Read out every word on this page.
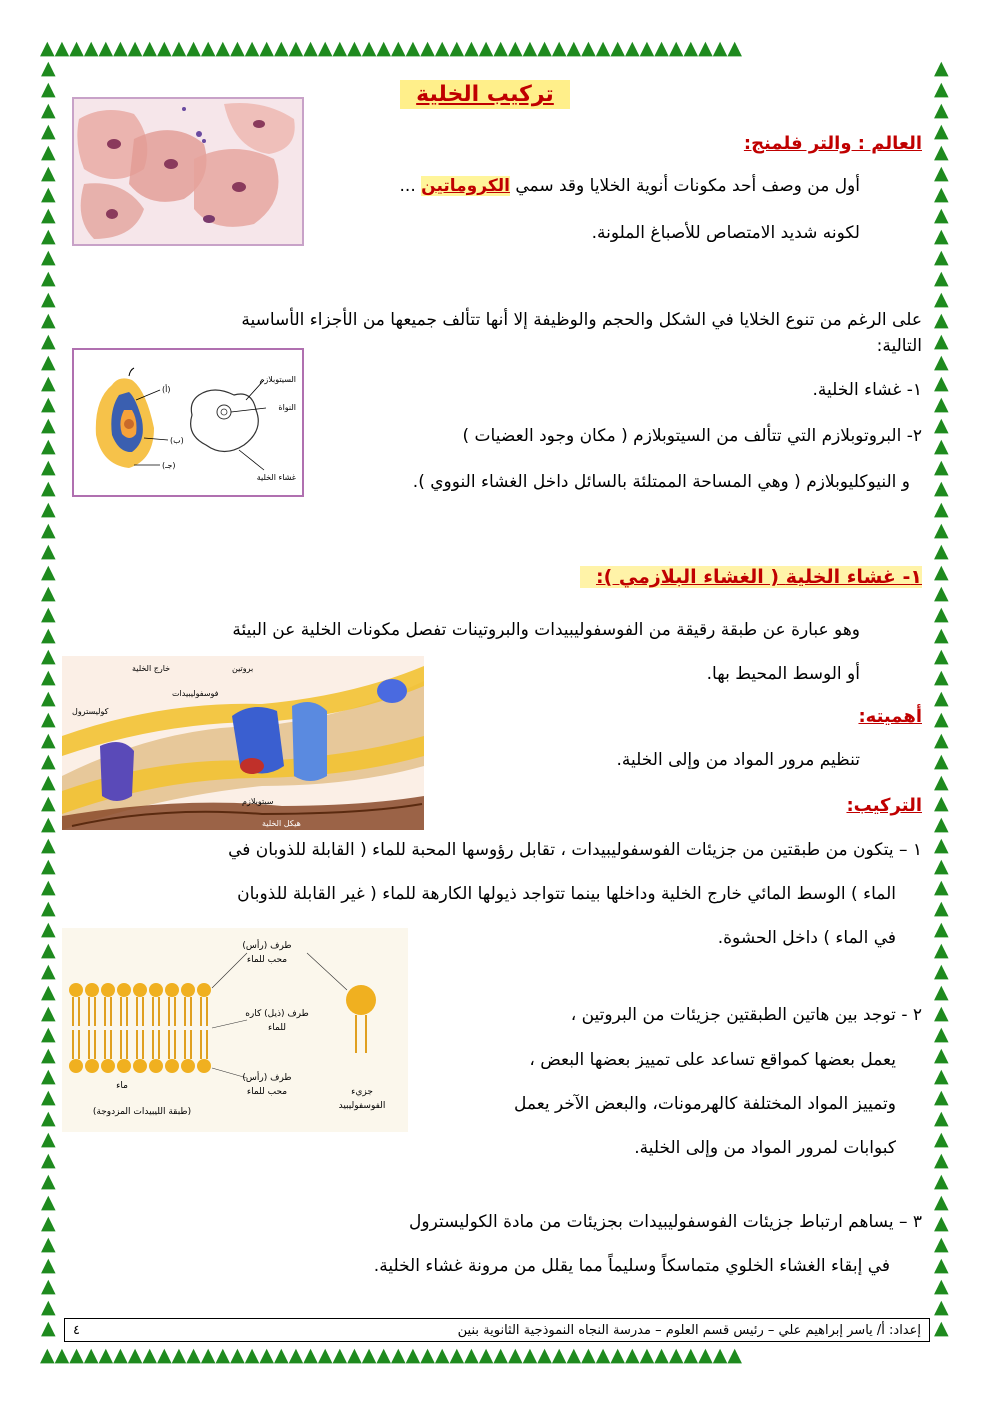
▲ ▲ ▲ ▲ ▲ ▲ ▲ ▲ ▲ ▲ ▲ ▲ ▲ ▲ ▲ ▲ ▲ ▲ ▲ ▲ ▲ ▲ ▲ ▲ ▲ ▲ ▲ ▲ ▲ ▲ ▲ ▲ ▲ ▲ ▲ ▲ ▲ ▲ ▲ ▲ ▲ ▲ ▲ ▲ ▲ ▲ ▲ ▲
▲ ▲ ▲ ▲ ▲ ▲ ▲ ▲ ▲ ▲ ▲ ▲ ▲ ▲ ▲ ▲ ▲ ▲ ▲ ▲ ▲ ▲ ▲ ▲ ▲ ▲ ▲ ▲ ▲ ▲ ▲ ▲ ▲ ▲ ▲ ▲ ▲ ▲ ▲ ▲ ▲ ▲ ▲ ▲ ▲ ▲ ▲ ▲
▲
▲
▲
▲
▲
▲
▲
▲
▲
▲
▲
▲
▲
▲
▲
▲
▲
▲
▲
▲
▲
▲
▲
▲
▲
▲
▲
▲
▲
▲
▲
▲
▲
▲
▲
▲
▲
▲
▲
▲
▲
▲
▲
▲
▲
▲
▲
▲
▲
▲
▲
▲
▲
▲
▲
▲
▲
▲
▲
▲
▲
▲
▲
▲
▲
▲
▲
▲
▲
▲
▲
▲
▲
▲
▲
▲
▲
▲
▲
▲
▲
▲
▲
▲
▲
▲
▲
▲
▲
▲
▲
▲
▲
▲
▲
▲
▲
▲
▲
▲
▲
▲
▲
▲
▲
▲
▲
▲
▲
▲
▲
▲
▲
▲
▲
▲
▲
▲
▲
▲
▲
▲
تركيب الخلية
العالم : والتر فلمنج:
أول من وصف أحد مكونات أنوية الخلايا وقد سمي الكروماتين ...
لكونه شديد الامتصاص للأصباغ الملونة.
على الرغم من تنوع الخلايا في الشكل والحجم والوظيفة إلا أنها تتألف جميعها من الأجزاء الأساسية
التالية:
(أ)
(ب)
(جـ)
السيتوبلازم
النواة
غشاء الخلية
١- غشاء الخلية.
٢- البروتوبلازم التي تتألف من السيتوبلازم ( مكان وجود العضيات )
و النيوكليوبلازم ( وهي المساحة الممتلئة بالسائل داخل الغشاء النووي ).
١- غشاء الخلية ( الغشاء البلازمي ):
وهو عبارة عن طبقة رقيقة من الفوسفوليبيدات والبروتينات تفصل مكونات الخلية عن البيئة
خارج الخلية	بروتين
فوسفوليبيدات
كوليسترول
سيتوبلازم
هيكل الخلية
أو الوسط المحيط بها.
أهميته:
تنظيم مرور المواد من وإلى الخلية.
التركيب:
١ – يتكون من طبقتين من جزيئات الفوسفوليبيدات ، تقابل رؤوسها المحبة للماء ( القابلة للذوبان في
الماء ) الوسط المائي خارج الخلية وداخلها بينما تتواجد ذيولها الكارهة للماء ( غير القابلة للذوبان
في الماء ) داخل الحشوة.
طرف (رأس)
محب للماء
طرف (ذيل) كاره
للماء
طرف (رأس)
محب للماء
ماء
(طبقة الليبيدات المزدوجة)
جزيء
الفوسفوليبيد
٢ - توجد بين هاتين الطبقتين جزيئات من البروتين ،
يعمل بعضها كمواقع تساعد على تمييز بعضها البعض ،
وتمييز المواد المختلفة كالهرمونات، والبعض الآخر يعمل
كبوابات لمرور المواد من وإلى الخلية.
٣ – يساهم ارتباط جزيئات الفوسفوليبيدات بجزيئات من مادة الكوليسترول
في إبقاء الغشاء الخلوي متماسكاً وسليماً مما يقلل من مرونة غشاء الخلية.
إعداد: أ/ ياسر إبراهيم علي – رئيس قسم العلوم – مدرسة النجاه النموذجية الثانوية بنين
٤
